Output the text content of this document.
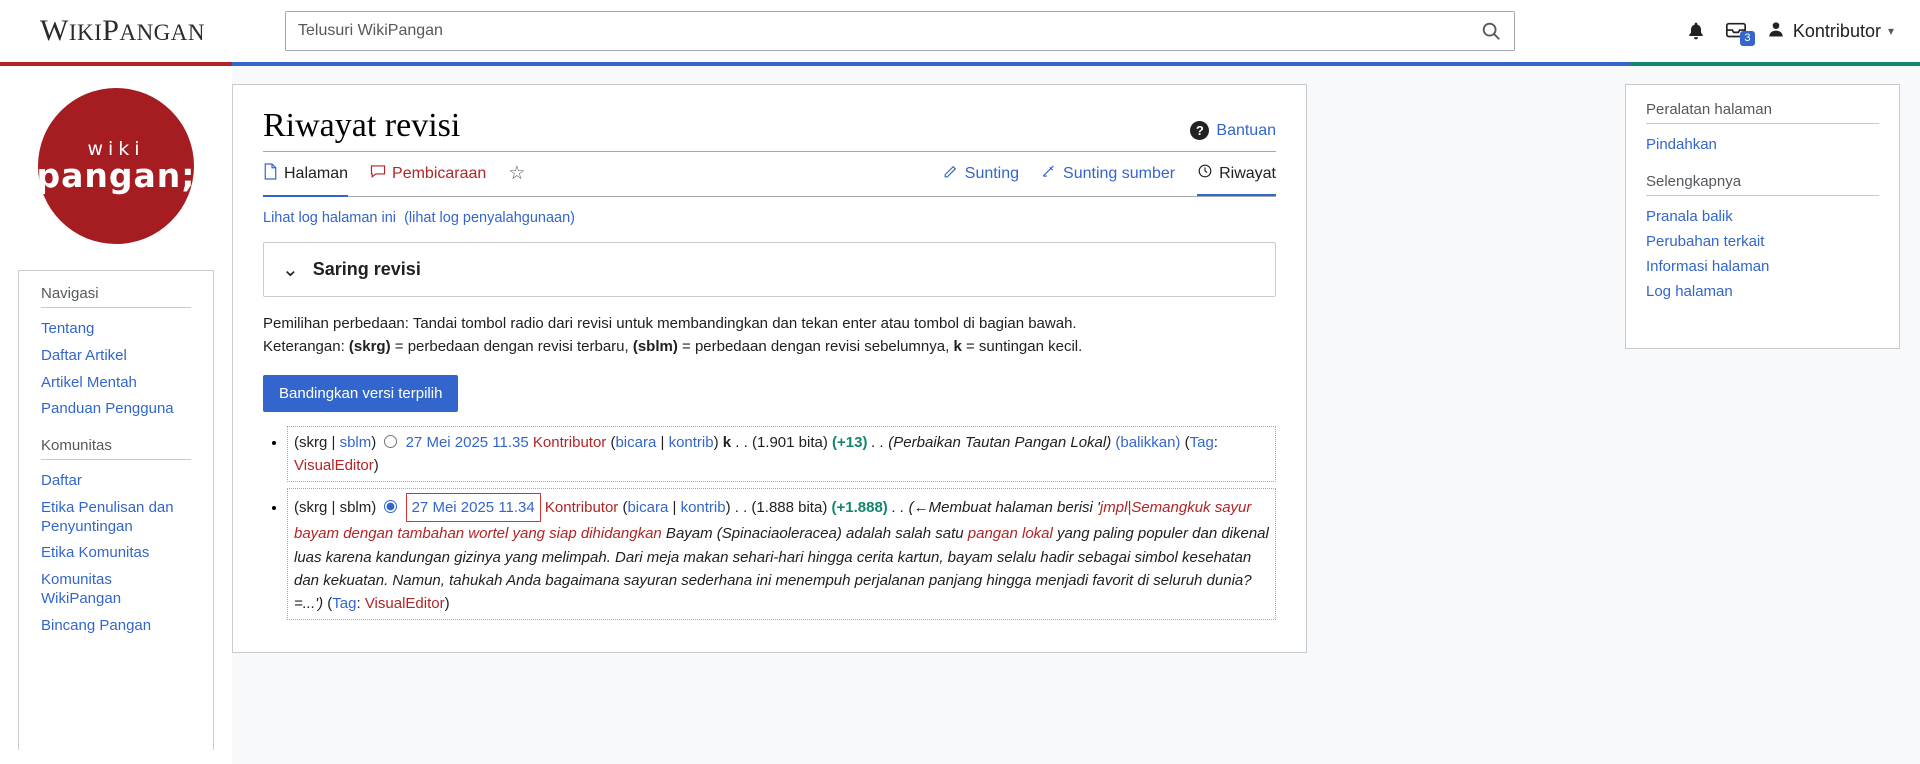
WIKIPANGAN
Telusuri WikiPangan	3 Kontributor ▾
wiki
pangan;
Navigasi
Tentang
Daftar Artikel
Artikel Mentah
Panduan Pengguna
Komunitas
Daftar
Etika Penulisan dan Penyuntingan
Etika Komunitas
Komunitas WikiPangan
Bincang Pangan
Riwayat revisi	? Bantuan
Halaman	Pembicaraan ☆	Sunting	Sunting sumber	Riwayat
Lihat log halaman ini (lihat log penyalahgunaan)
⌄ Saring revisi
Pemilihan perbedaan: Tandai tombol radio dari revisi untuk membandingkan dan tekan enter atau tombol di bagian bawah.
Keterangan: (skrg) = perbedaan dengan revisi terbaru, (sblm) = perbedaan dengan revisi sebelumnya, k = suntingan kecil.
Bandingkan versi terpilih
• (skrg | sblm)  27 Mei 2025 11.35 Kontributor (bicara | kontrib) k . . (1.901 bita) (+13) . . (Perbaikan Tautan Pangan Lokal) (balikkan) (Tag: VisualEditor)
• (skrg | sblm) 27 Mei 2025 11.34 Kontributor (bicara | kontrib) . . (1.888 bita) (+1.888) . . (←Membuat halaman berisi 'jmpl|Semangkuk sayur bayam dengan tambahan wortel yang siap dihidangkan Bayam (Spinaciaoleracea) adalah salah satu pangan lokal yang paling populer dan dikenal luas karena kandungan gizinya yang melimpah. Dari meja makan sehari-hari hingga cerita kartun, bayam selalu hadir sebagai simbol kesehatan dan kekuatan. Namun, tahukah Anda bagaimana sayuran sederhana ini menempuh perjalanan panjang hingga menjadi favorit di seluruh dunia? =...') (Tag: VisualEditor)
Peralatan halaman
Pindahkan
Selengkapnya
Pranala balik
Perubahan terkait
Informasi halaman
Log halaman
